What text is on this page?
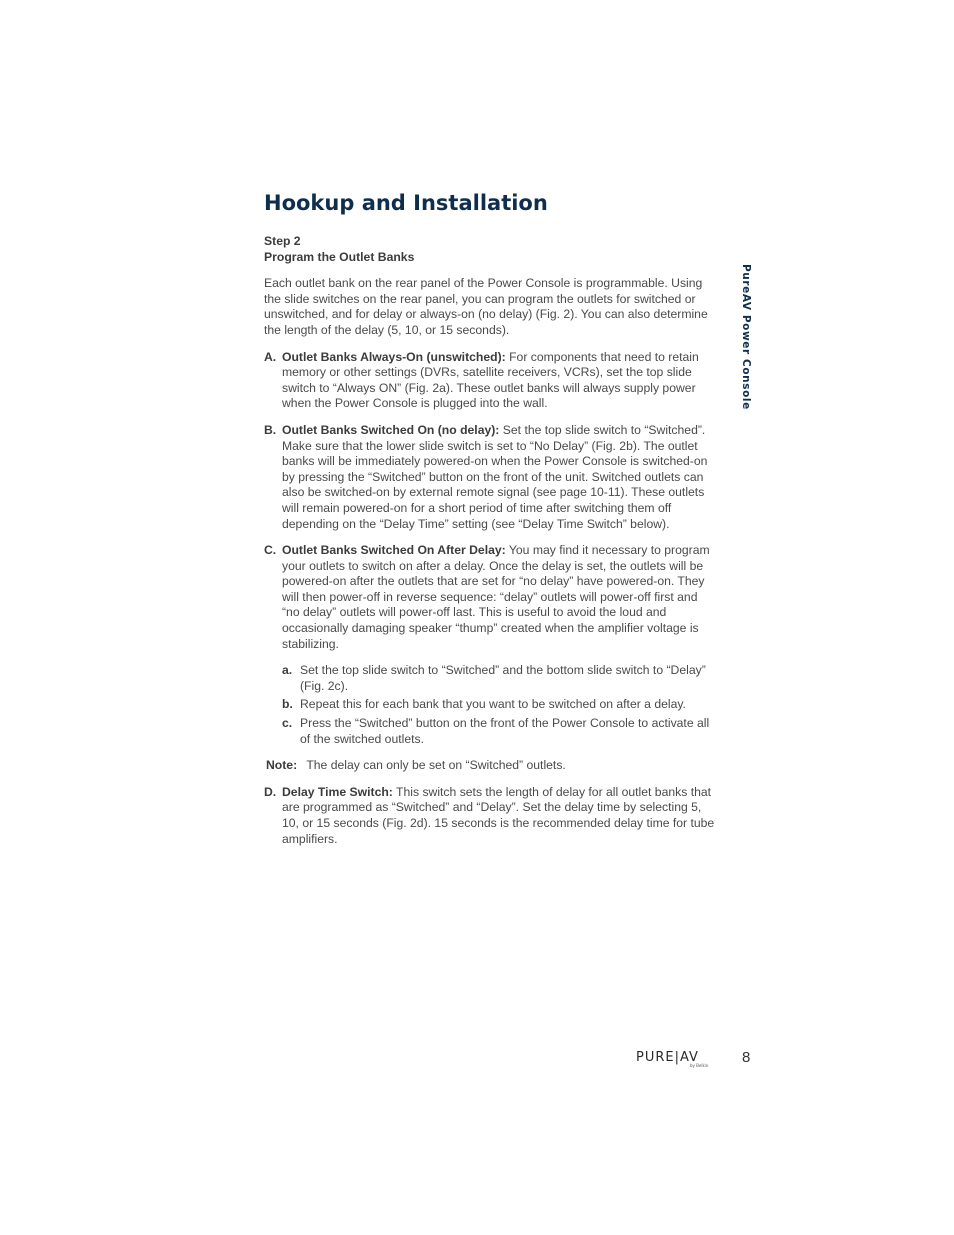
Hookup and Installation
PureAV Power Console
Step 2
Program the Outlet Banks
Each outlet bank on the rear panel of the Power Console is programmable. Using the slide switches on the rear panel, you can program the outlets for switched or unswitched, and for delay or always-on (no delay) (Fig. 2). You can also determine the length of the delay (5, 10, or 15 seconds).
A. Outlet Banks Always-On (unswitched): For components that need to retain memory or other settings (DVRs, satellite receivers, VCRs), set the top slide switch to “Always ON” (Fig. 2a). These outlet banks will always supply power when the Power Console is plugged into the wall.
B. Outlet Banks Switched On (no delay): Set the top slide switch to “Switched”. Make sure that the lower slide switch is set to “No Delay” (Fig. 2b). The outlet banks will be immediately powered-on when the Power Console is switched-on by pressing the “Switched” button on the front of the unit. Switched outlets can also be switched-on by external remote signal (see page 10-11). These outlets will remain powered-on for a short period of time after switching them off depending on the “Delay Time” setting (see “Delay Time Switch” below).
C. Outlet Banks Switched On After Delay: You may find it necessary to program your outlets to switch on after a delay. Once the delay is set, the outlets will be powered-on after the outlets that are set for “no delay” have powered-on. They will then power-off in reverse sequence: “delay” outlets will power-off first and “no delay” outlets will power-off last. This is useful to avoid the loud and occasionally damaging speaker “thump” created when the amplifier voltage is stabilizing.
a. Set the top slide switch to “Switched” and the bottom slide switch to “Delay” (Fig. 2c).
b. Repeat this for each bank that you want to be switched on after a delay.
c. Press the “Switched” button on the front of the Power Console to activate all of the switched outlets.
Note: The delay can only be set on “Switched” outlets.
D. Delay Time Switch: This switch sets the length of delay for all outlet banks that are programmed as “Switched” and “Delay”. Set the delay time by selecting 5, 10, or 15 seconds (Fig. 2d). 15 seconds is the recommended delay time for tube amplifiers.
PURE|AV
by Belkin 8
